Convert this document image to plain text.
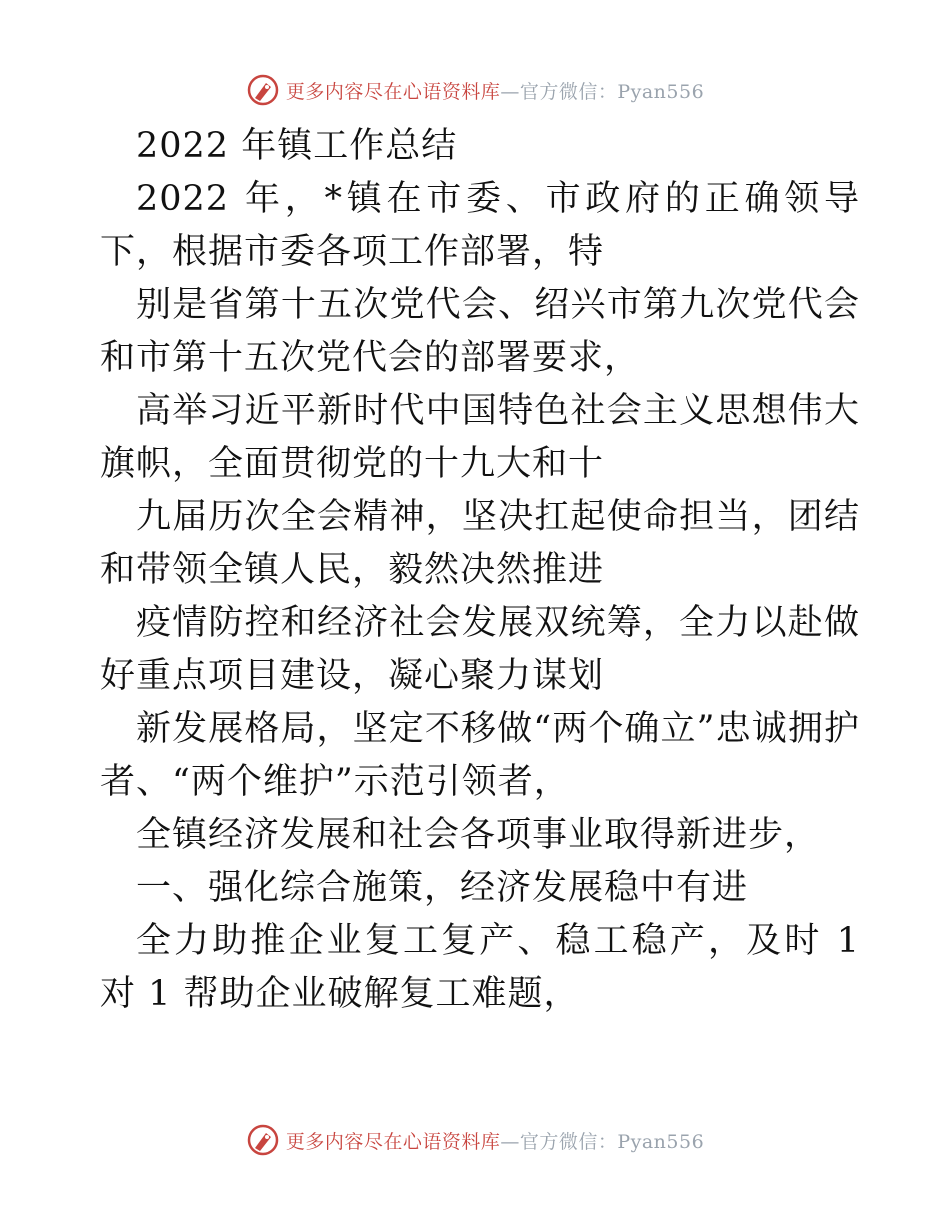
更多内容尽在心语资料库—官方微信：Pyan556

2022 年镇工作总结

2022 年，*镇在市委、市政府的正确领导下，根据市委各项工作部署，特

别是省第十五次党代会、绍兴市第九次党代会和市第十五次党代会的部署要求，

高举习近平新时代中国特色社会主义思想伟大旗帜，全面贯彻党的十九大和十

九届历次全会精神，坚决扛起使命担当，团结和带领全镇人民，毅然决然推进

疫情防控和经济社会发展双统筹，全力以赴做好重点项目建设，凝心聚力谋划

新发展格局，坚定不移做“两个确立”忠诚拥护者、“两个维护”示范引领者，

全镇经济发展和社会各项事业取得新进步，

一、强化综合施策，经济发展稳中有进

全力助推企业复工复产、稳工稳产，及时 1 对 1 帮助企业破解复工难题，

更多内容尽在心语资料库—官方微信：Pyan556
